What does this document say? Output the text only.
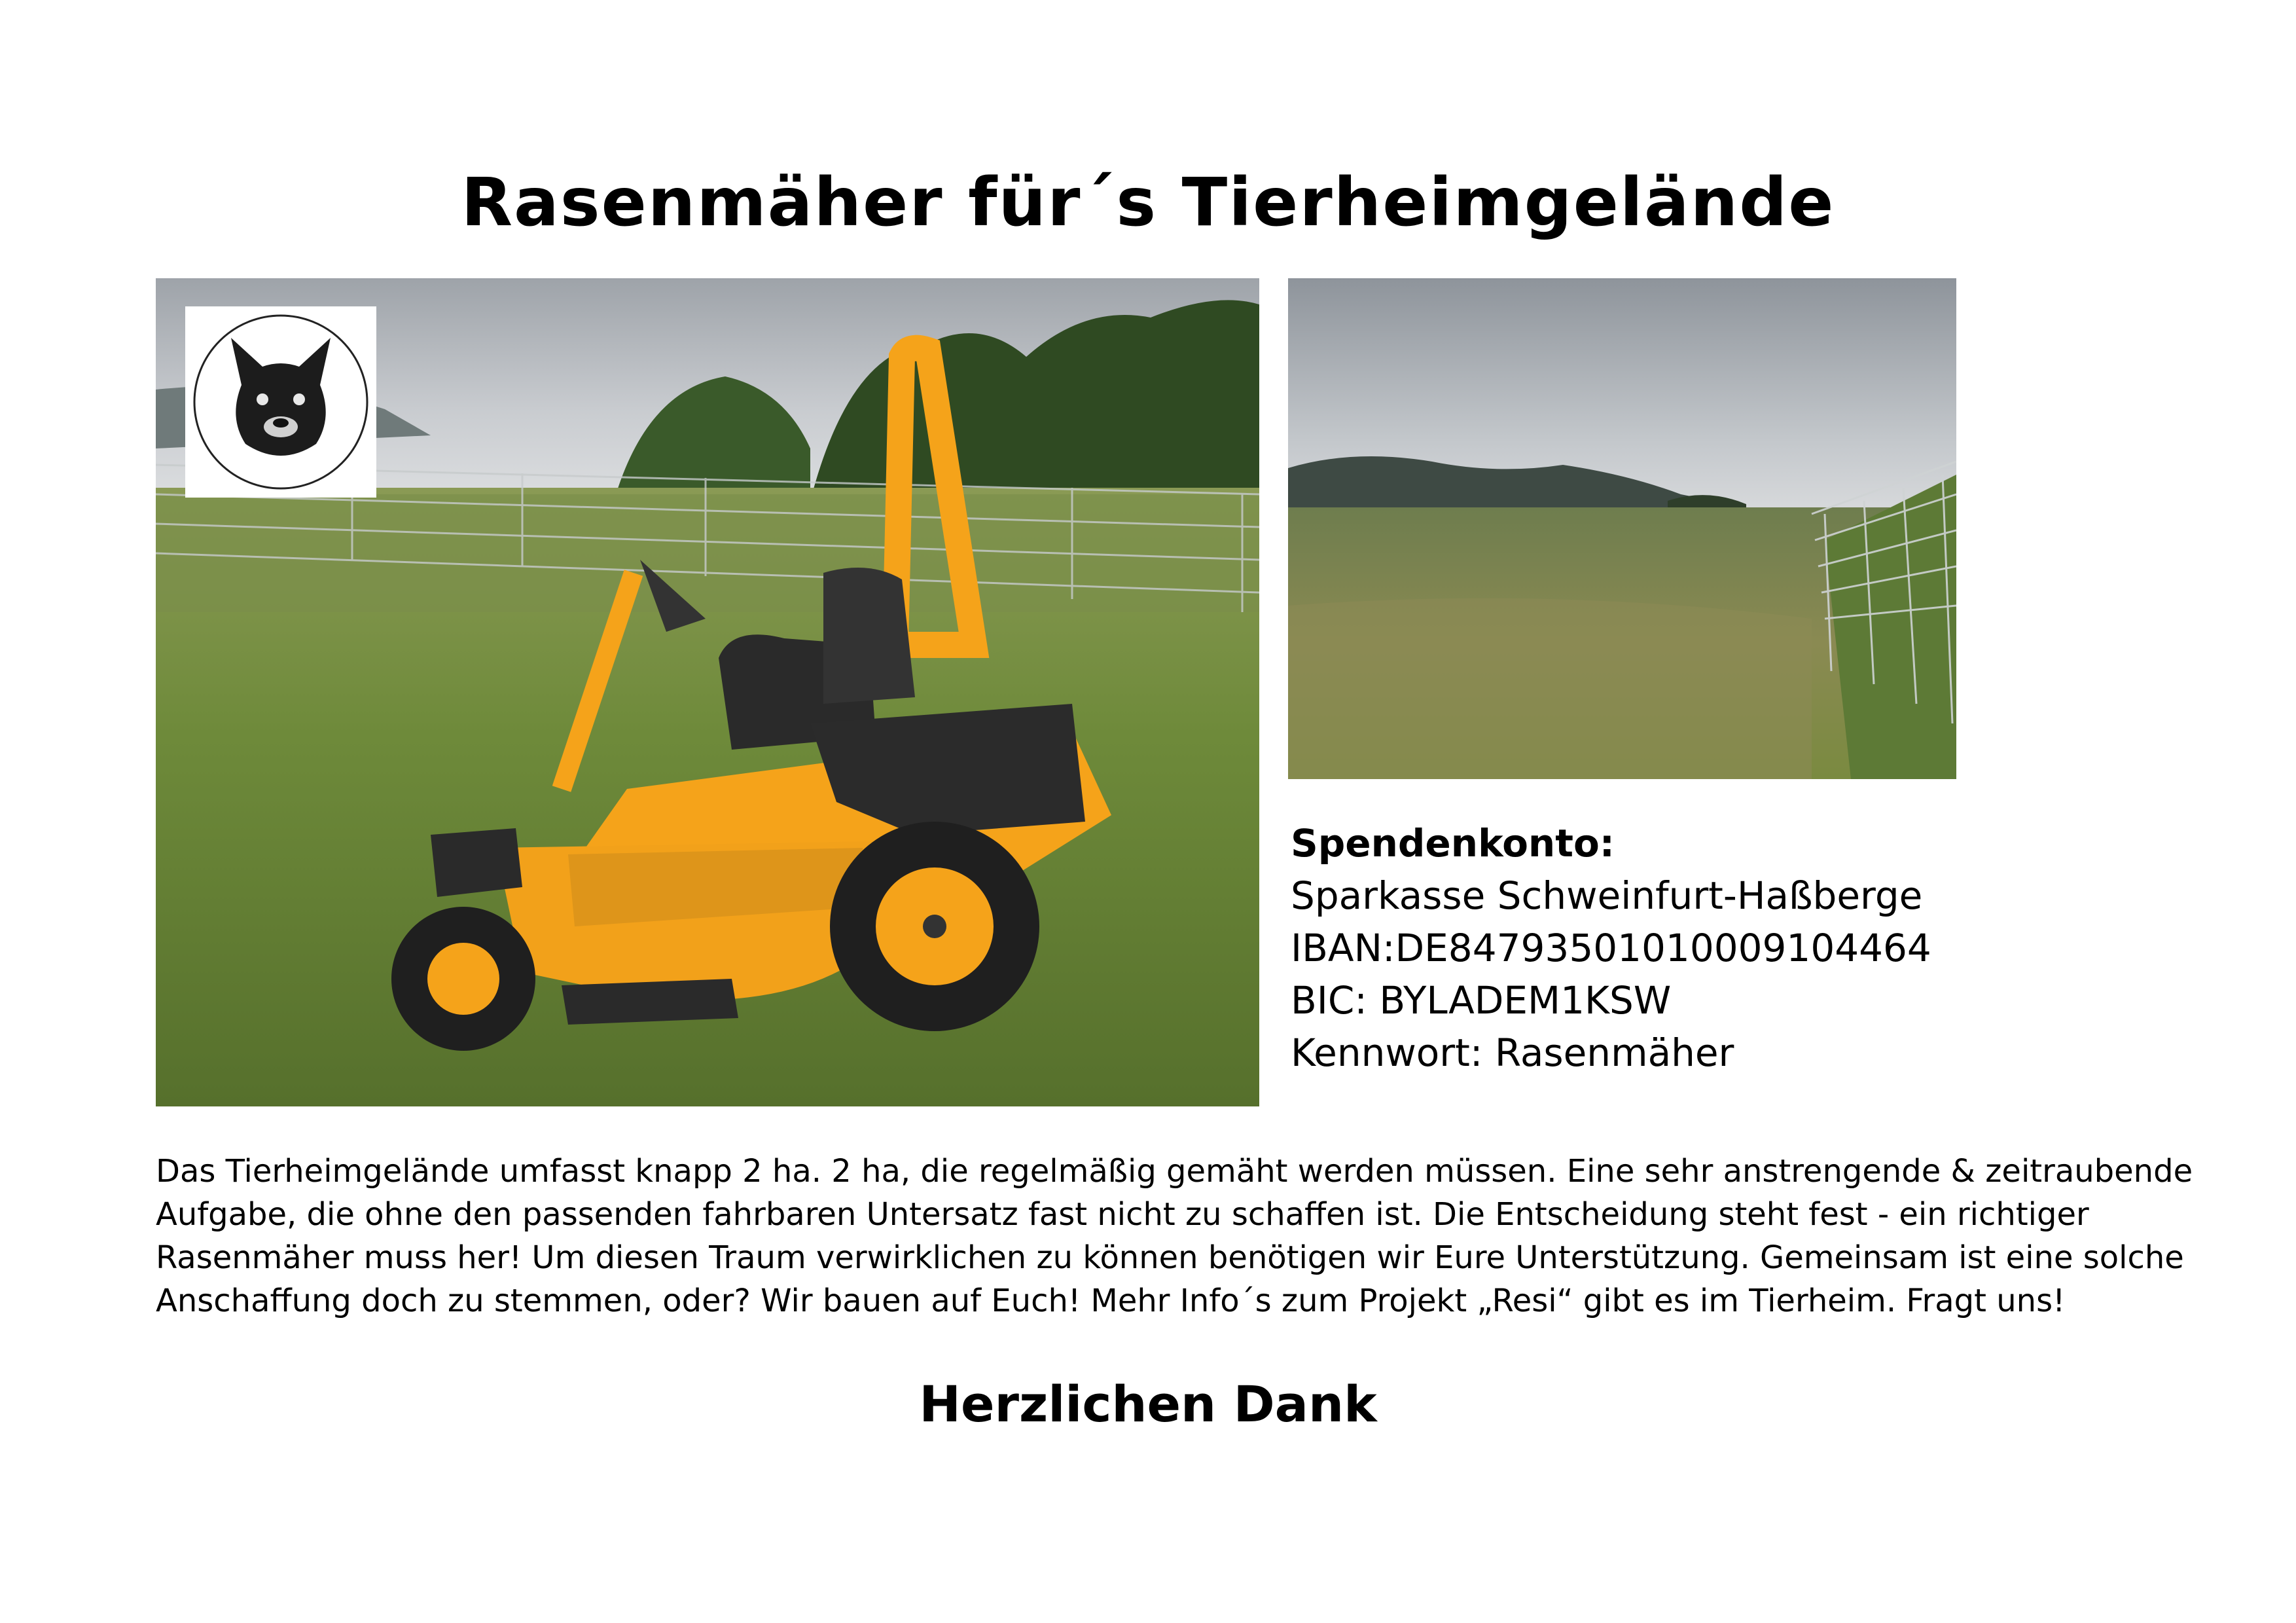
Rasenmäher für´s Tierheimgelände
Spendenkonto:
Sparkasse Schweinfurt-Haßberge
IBAN:DE84793501010009104464
BIC: BYLADEM1KSW
Kennwort: Rasenmäher
Das Tierheimgelände umfasst knapp 2 ha. 2 ha, die regelmäßig gemäht werden müssen. Eine sehr anstrengende & zeitraubende
Aufgabe, die ohne den passenden fahrbaren Untersatz fast nicht zu schaffen ist. Die Entscheidung steht fest - ein richtiger
Rasenmäher muss her! Um diesen Traum verwirklichen zu können benötigen wir Eure Unterstützung. Gemeinsam ist eine solche
Anschaffung doch zu stemmen, oder? Wir bauen auf Euch! Mehr Info´s zum Projekt „Resi“ gibt es im Tierheim. Fragt uns!
Herzlichen Dank
